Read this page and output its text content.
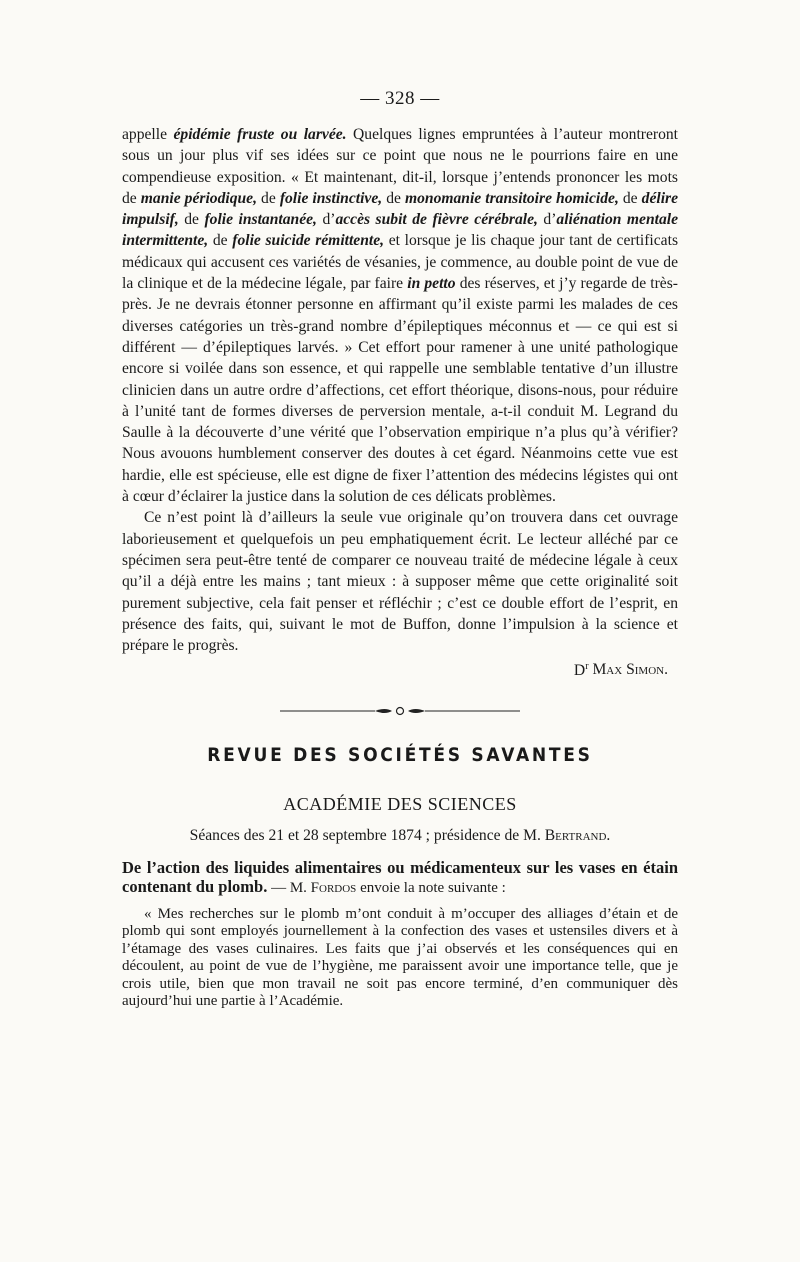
— 328 —

appelle épidémie fruste ou larvée. Quelques lignes empruntées à l’auteur montreront sous un jour plus vif ses idées sur ce point que nous ne le pourrions faire en une compendieuse exposition. « Et maintenant, dit-il, lorsque j’entends prononcer les mots de manie périodique, de folie instinctive, de monomanie transitoire homicide, de délire impulsif, de folie instantanée, d’accès subit de fièvre cérébrale, d’aliénation mentale intermittente, de folie suicide rémittente, et lorsque je lis chaque jour tant de certificats médicaux qui accusent ces variétés de vésanies, je commence, au double point de vue de la clinique et de la médecine légale, par faire in petto des réserves, et j’y regarde de très-près. Je ne devrais étonner personne en affirmant qu’il existe parmi les malades de ces diverses catégories un très-grand nombre d’épileptiques méconnus et — ce qui est si différent — d’épileptiques larvés. » Cet effort pour ramener à une unité pathologique encore si voilée dans son essence, et qui rappelle une semblable tentative d’un illustre clinicien dans un autre ordre d’affections, cet effort théorique, disons-nous, pour réduire à l’unité tant de formes diverses de perversion mentale, a-t-il conduit M. Legrand du Saulle à la découverte d’une vérité que l’observation empirique n’a plus qu’à vérifier? Nous avouons humblement conserver des doutes à cet égard. Néanmoins cette vue est hardie, elle est spécieuse, elle est digne de fixer l’attention des médecins légistes qui ont à cœur d’éclairer la justice dans la solution de ces délicats problèmes.

Ce n’est point là d’ailleurs la seule vue originale qu’on trouvera dans cet ouvrage laborieusement et quelquefois un peu emphatiquement écrit. Le lecteur alléché par ce spécimen sera peut-être tenté de comparer ce nouveau traité de médecine légale à ceux qu’il a déjà entre les mains ; tant mieux : à supposer même que cette originalité soit purement subjective, cela fait penser et réfléchir ; c’est ce double effort de l’esprit, en présence des faits, qui, suivant le mot de Buffon, donne l’impulsion à la science et prépare le progrès.

$D^r$ Max Simon.
REVUE DES SOCIÉTÉS SAVANTES
ACADÉMIE DES SCIENCES
Séances des 21 et 28 septembre 1874 ; présidence de M. Bertrand.

De l’action des liquides alimentaires ou médicamenteux sur les vases en étain contenant du plomb. — M. Fordos envoie la note suivante :

« Mes recherches sur le plomb m’ont conduit à m’occuper des alliages d’étain et de plomb qui sont employés journellement à la confection des vases et ustensiles divers et à l’étamage des vases culinaires. Les faits que j’ai observés et les conséquences qui en découlent, au point de vue de l’hygiène, me paraissent avoir une importance telle, que je crois utile, bien que mon travail ne soit pas encore terminé, d’en communiquer dès aujourd’hui une partie à l’Académie.
